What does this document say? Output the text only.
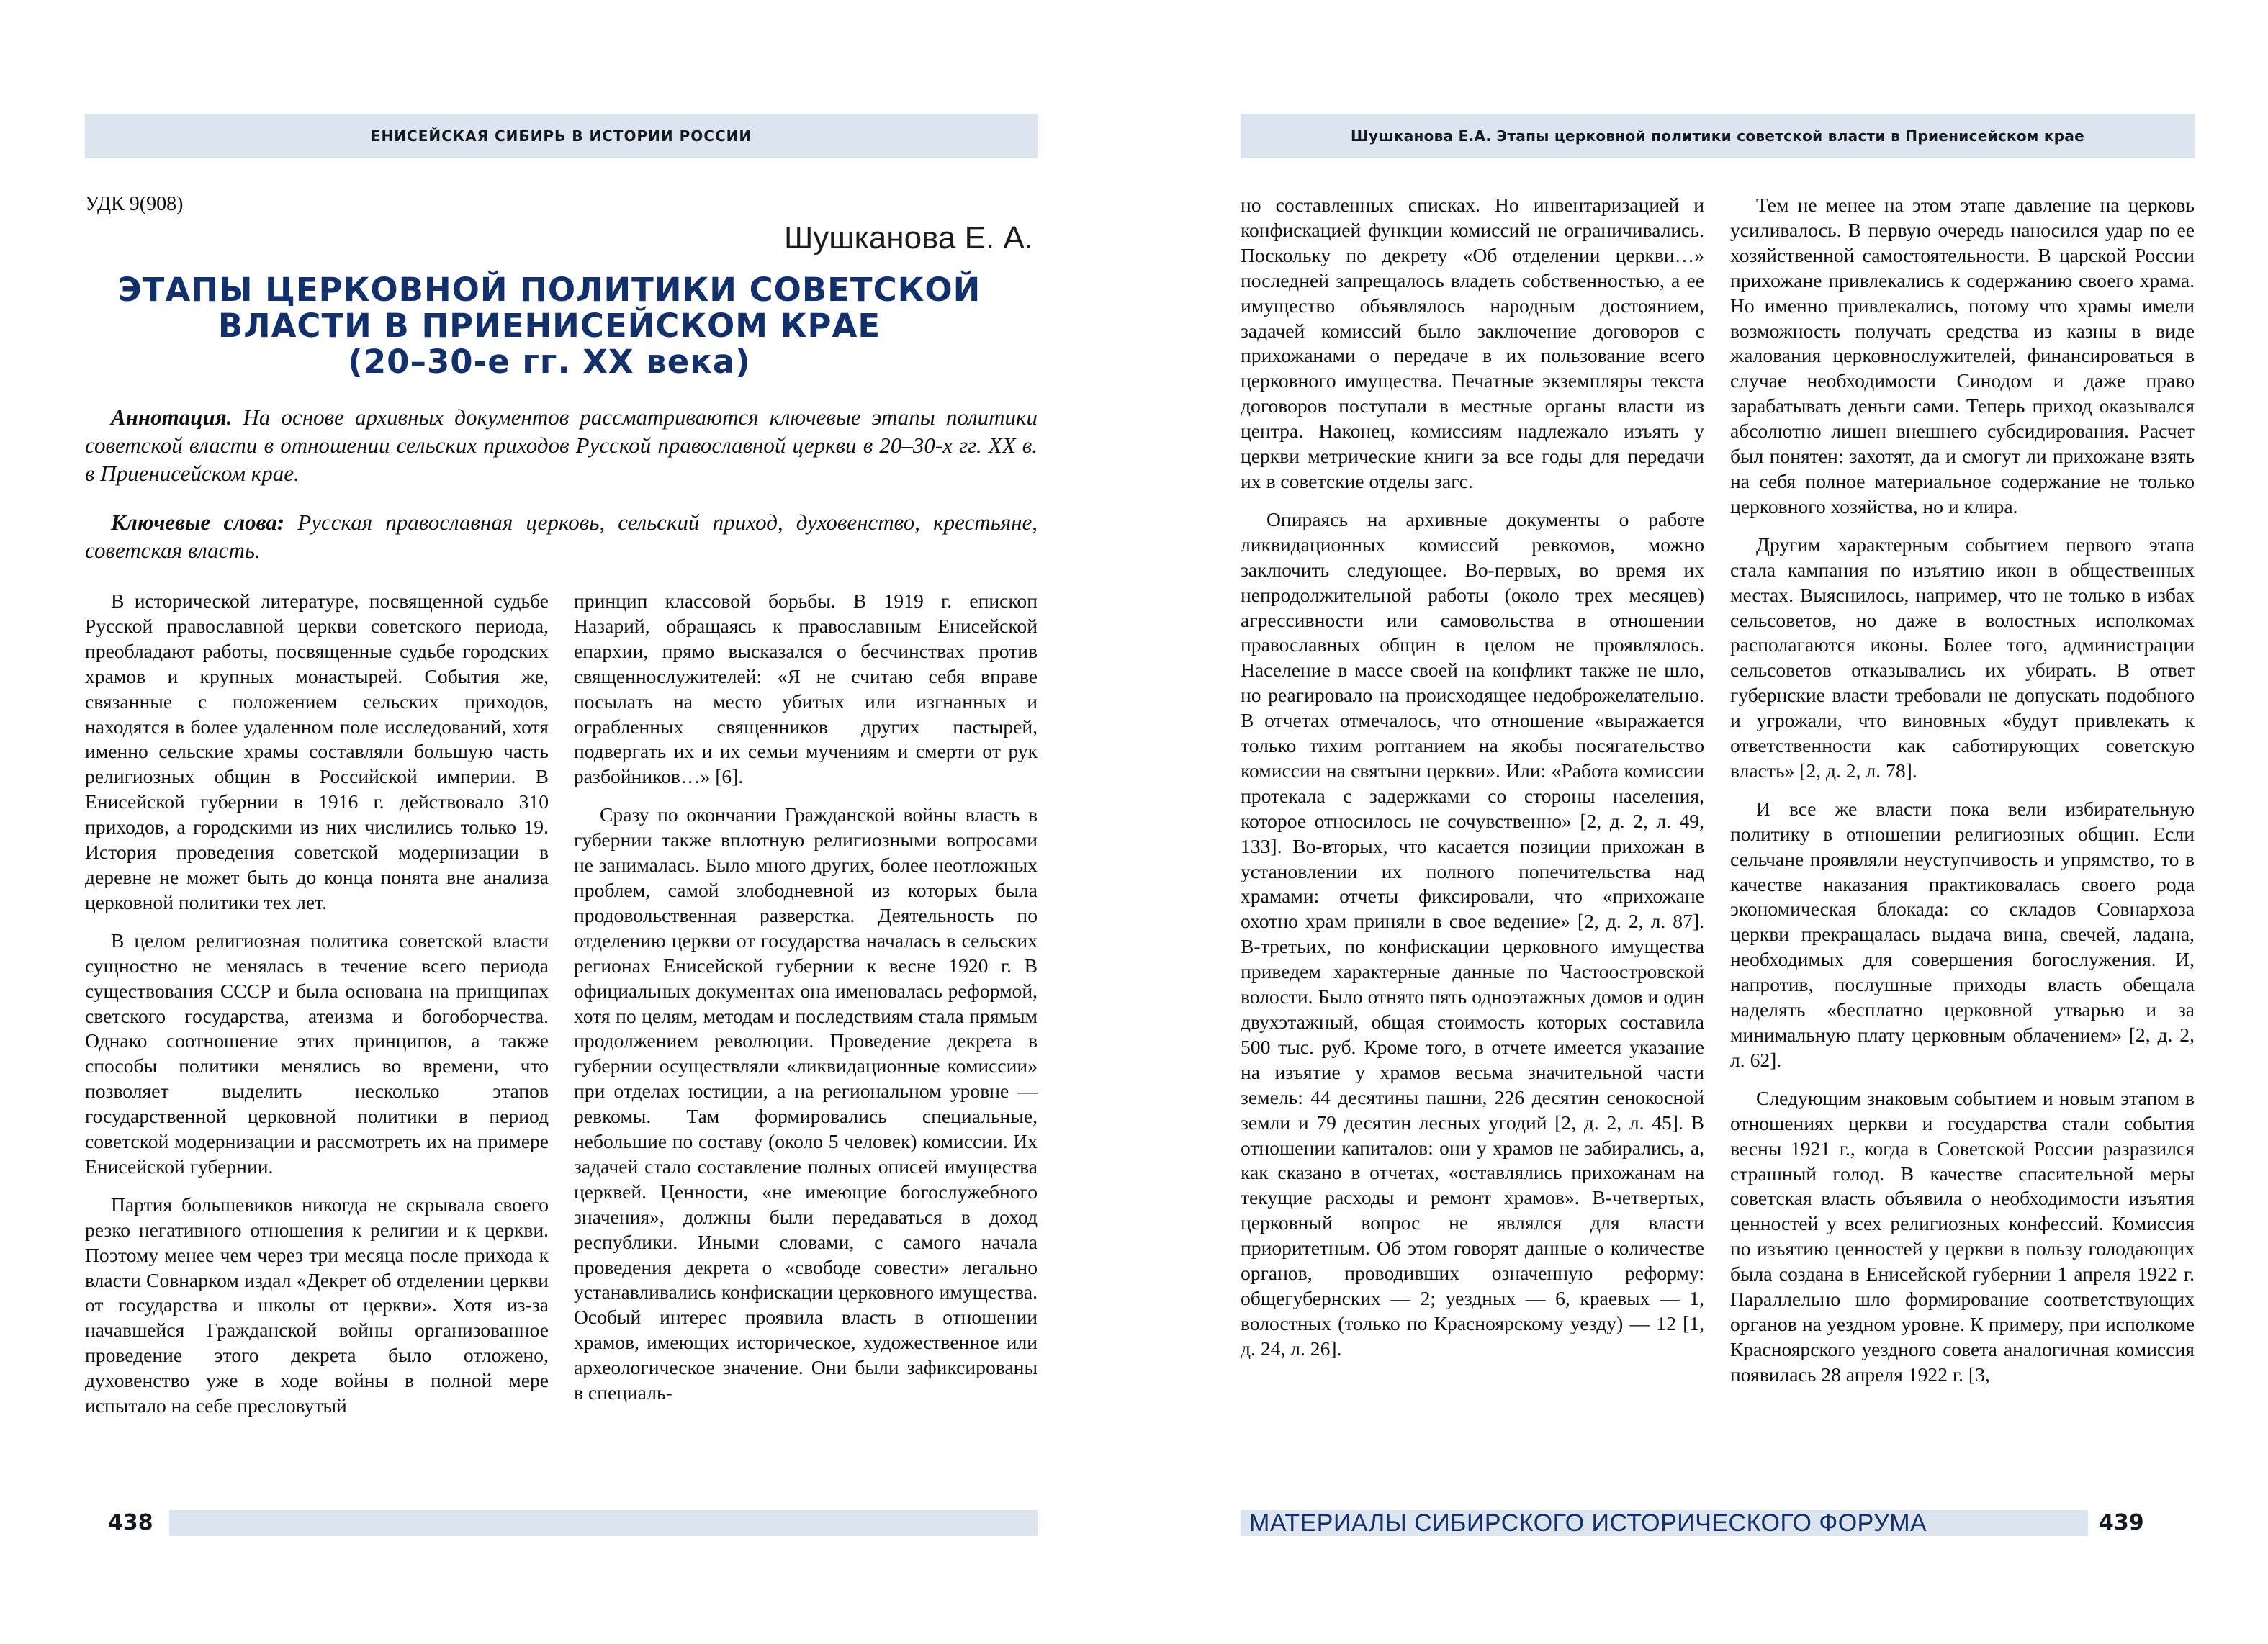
ЕНИСЕЙСКАЯ СИБИРЬ В ИСТОРИИ РОССИИ
УДК 9(908)
Шушканова Е. А.
ЭТАПЫ ЦЕРКОВНОЙ ПОЛИТИКИ СОВЕТСКОЙ
ВЛАСТИ В ПРИЕНИСЕЙСКОМ КРАЕ
(20–30-е гг. XX века)
Аннотация. На основе архивных документов рассматриваются ключевые этапы политики советской власти в отношении сельских приходов Русской православной церкви в 20–30-х гг. XX в. в Приенисейском крае.
Ключевые слова: Русская православная церковь, сельский приход, духовенство, крестьяне, советская власть.

В исторической литературе, посвященной судьбе Русской православной церкви советского периода, преобладают работы, посвященные судьбе городских храмов и крупных монастырей. События же, связанные с положением сельских приходов, находятся в более удаленном поле исследований, хотя именно сельские храмы составляли большую часть религиозных общин в Российской империи. В Енисейской губернии в 1916 г. действовало 310 приходов, а городскими из них числились только 19. История проведения советской модернизации в деревне не может быть до конца понята вне анализа церковной политики тех лет.

В целом религиозная политика советской власти сущностно не менялась в течение всего периода существования СССР и была основана на принципах светского государства, атеизма и богоборчества. Однако соотношение этих принципов, а также способы политики менялись во времени, что позволяет выделить несколько этапов государственной церковной политики в период советской модернизации и рассмотреть их на примере Енисейской губернии.

Партия большевиков никогда не скрывала своего резко негативного отношения к религии и к церкви. Поэтому менее чем через три месяца после прихода к власти Совнарком издал «Декрет об отделении церкви от государства и школы от церкви». Хотя из-за начавшейся Гражданской войны организованное проведение этого декрета было отложено, духовенство уже в ходе войны в полной мере испытало на себе пресловутый

принцип классовой борьбы. В 1919 г. епископ Назарий, обращаясь к православным Енисейской епархии, прямо высказался о бесчинствах против священнослужителей: «Я не считаю себя вправе посылать на место убитых или изгнанных и ограбленных священников других пастырей, подвергать их и их семьи мучениям и смерти от рук разбойников…» [6].

Сразу по окончании Гражданской войны власть в губернии также вплотную религиозными вопросами не занималась. Было много других, более неотложных проблем, самой злободневной из которых была продовольственная разверстка. Деятельность по отделению церкви от государства началась в сельских регионах Енисейской губернии к весне 1920 г. В официальных документах она именовалась реформой, хотя по целям, методам и последствиям стала прямым продолжением революции. Проведение декрета в губернии осуществляли «ликвидационные комиссии» при отделах юстиции, а на региональном уровне — ревкомы. Там формировались специальные, небольшие по составу (около 5 человек) комиссии. Их задачей стало составление полных описей имущества церквей. Ценности, «не имеющие богослужебного значения», должны были передаваться в доход республики. Иными словами, с самого начала проведения декрета о «свободе совести» легально устанавливались конфискации церковного имущества. Особый интерес проявила власть в отношении храмов, имеющих историческое, художественное или археологическое значение. Они были зафиксированы в специаль-

438
Шушканова Е.А. Этапы церковной политики советской власти в Приенисейском крае

но составленных списках. Но инвентаризацией и конфискацией функции комиссий не ограничивались. Поскольку по декрету «Об отделении церкви…» последней запрещалось владеть собственностью, а ее имущество объявлялось народным достоянием, задачей комиссий было заключение договоров с прихожанами о передаче в их пользование всего церковного имущества. Печатные экземпляры текста договоров поступали в местные органы власти из центра. Наконец, комиссиям надлежало изъять у церкви метрические книги за все годы для передачи их в советские отделы загс.

Опираясь на архивные документы о работе ликвидационных комиссий ревкомов, можно заключить следующее. Во-первых, во время их непродолжительной работы (около трех месяцев) агрессивности или самовольства в отношении православных общин в целом не проявлялось. Население в массе своей на конфликт также не шло, но реагировало на происходящее недоброжелательно. В отчетах отмечалось, что отношение «выражается только тихим роптанием на якобы посягательство комиссии на святыни церкви». Или: «Работа комиссии протекала с задержками со стороны населения, которое относилось не сочувственно» [2, д. 2, л. 49, 133]. Во-вторых, что касается позиции прихожан в установлении их полного попечительства над храмами: отчеты фиксировали, что «прихожане охотно храм приняли в свое ведение» [2, д. 2, л. 87]. В-третьих, по конфискации церковного имущества приведем характерные данные по Частоостровской волости. Было отнято пять одноэтажных домов и один двухэтажный, общая стоимость которых составила 500 тыс. руб. Кроме того, в отчете имеется указание на изъятие у храмов весьма значительной части земель: 44 десятины пашни, 226 десятин сенокосной земли и 79 десятин лесных угодий [2, д. 2, л. 45]. В отношении капиталов: они у храмов не забирались, а, как сказано в отчетах, «оставлялись прихожанам на текущие расходы и ремонт храмов». В-четвертых, церковный вопрос не являлся для власти приоритетным. Об этом говорят данные о количестве органов, проводивших означенную реформу: общегубернских — 2; уездных — 6, краевых — 1, волостных (только по Красноярскому уезду) — 12 [1, д. 24, л. 26].

Тем не менее на этом этапе давление на церковь усиливалось. В первую очередь наносился удар по ее хозяйственной самостоятельности. В царской России прихожане привлекались к содержанию своего храма. Но именно привлекались, потому что храмы имели возможность получать средства из казны в виде жалования церковнослужителей, финансироваться в случае необходимости Синодом и даже право зарабатывать деньги сами. Теперь приход оказывался абсолютно лишен внешнего субсидирования. Расчет был понятен: захотят, да и смогут ли прихожане взять на себя полное материальное содержание не только церковного хозяйства, но и клира.

Другим характерным событием первого этапа стала кампания по изъятию икон в общественных местах. Выяснилось, например, что не только в избах сельсоветов, но даже в волостных исполкомах располагаются иконы. Более того, администрации сельсоветов отказывались их убирать. В ответ губернские власти требовали не допускать подобного и угрожали, что виновных «будут привлекать к ответственности как саботирующих советскую власть» [2, д. 2, л. 78].

И все же власти пока вели избирательную политику в отношении религиозных общин. Если сельчане проявляли неуступчивость и упрямство, то в качестве наказания практиковалась своего рода экономическая блокада: со складов Совнархоза церкви прекращалась выдача вина, свечей, ладана, необходимых для совершения богослужения. И, напротив, послушные приходы власть обещала наделять «бесплатно церковной утварью и за минимальную плату церковным облачением» [2, д. 2, л. 62].

Следующим знаковым событием и новым этапом в отношениях церкви и государства стали события весны 1921 г., когда в Советской России разразился страшный голод. В качестве спасительной меры советская власть объявила о необходимости изъятия ценностей у всех религиозных конфессий. Комиссия по изъятию ценностей у церкви в пользу голодающих была создана в Енисейской губернии 1 апреля 1922 г. Параллельно шло формирование соответствующих органов на уездном уровне. К примеру, при исполкоме Красноярского уездного совета аналогичная комиссия появилась 28 апреля 1922 г. [3,

МАТЕРИАЛЫ СИБИРСКОГО ИСТОРИЧЕСКОГО ФОРУМА	439
